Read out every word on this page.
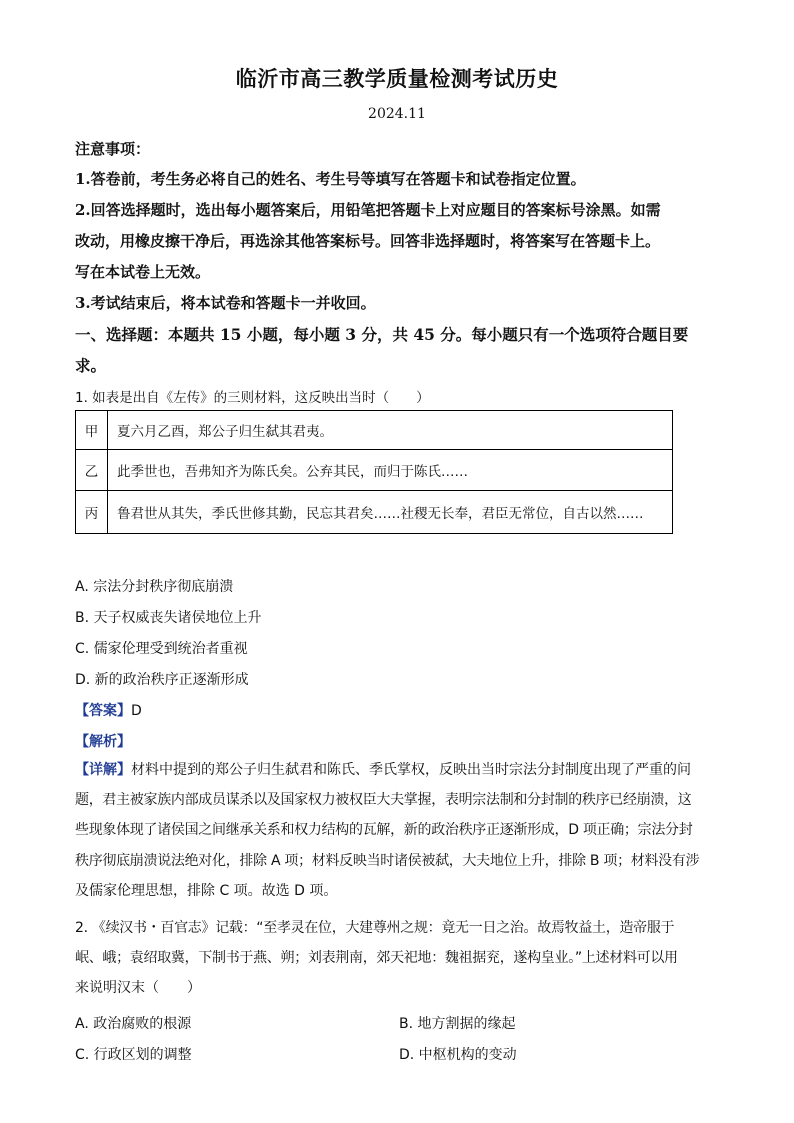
临沂市高三教学质量检测考试历史
2024.11
注意事项：
1.答卷前，考生务必将自己的姓名、考生号等填写在答题卡和试卷指定位置。
2.回答选择题时，选出每小题答案后，用铅笔把答题卡上对应题目的答案标号涂黑。如需
改动，用橡皮擦干净后，再选涂其他答案标号。回答非选择题时，将答案写在答题卡上。
写在本试卷上无效。
3.考试结束后，将本试卷和答题卡一并收回。
一、选择题：本题共 15 小题，每小题 3 分，共 45 分。每小题只有一个选项符合题目要
求。
1. 如表是出自《左传》的三则材料，这反映出当时（　　）
甲	夏六月乙酉，郑公子归生弑其君夷。
乙	此季世也，吾弗知齐为陈氏矣。公弃其民，而归于陈氏……
丙	鲁君世从其失，季氏世修其勤，民忘其君矣……社稷无长奉，君臣无常位，自古以然……
A. 宗法分封秩序彻底崩溃
B. 天子权威丧失诸侯地位上升
C. 儒家伦理受到统治者重视
D. 新的政治秩序正逐渐形成
【答案】D
【解析】
【详解】材料中提到的郑公子归生弑君和陈氏、季氏掌权，反映出当时宗法分封制度出现了严重的问
题，君主被家族内部成员谋杀以及国家权力被权臣大夫掌握，表明宗法制和分封制的秩序已经崩溃，这
些现象体现了诸侯国之间继承关系和权力结构的瓦解，新的政治秩序正逐渐形成，D 项正确；宗法分封
秩序彻底崩溃说法绝对化，排除 A 项；材料反映当时诸侯被弑，大夫地位上升，排除 B 项；材料没有涉
及儒家伦理思想，排除 C 项。故选 D 项。
2. 《续汉书・百官志》记载：“至孝灵在位，大建尊州之规：竟无一日之治。故焉牧益土，造帝服于
岷、峨；袁绍取冀，下制书于燕、朔；刘表荆南，郊天祀地：魏祖据兖，遂构皇业。”上述材料可以用
来说明汉末（　　）
A. 政治腐败的根源	B. 地方割据的缘起
C. 行政区划的调整	D. 中枢机构的变动
